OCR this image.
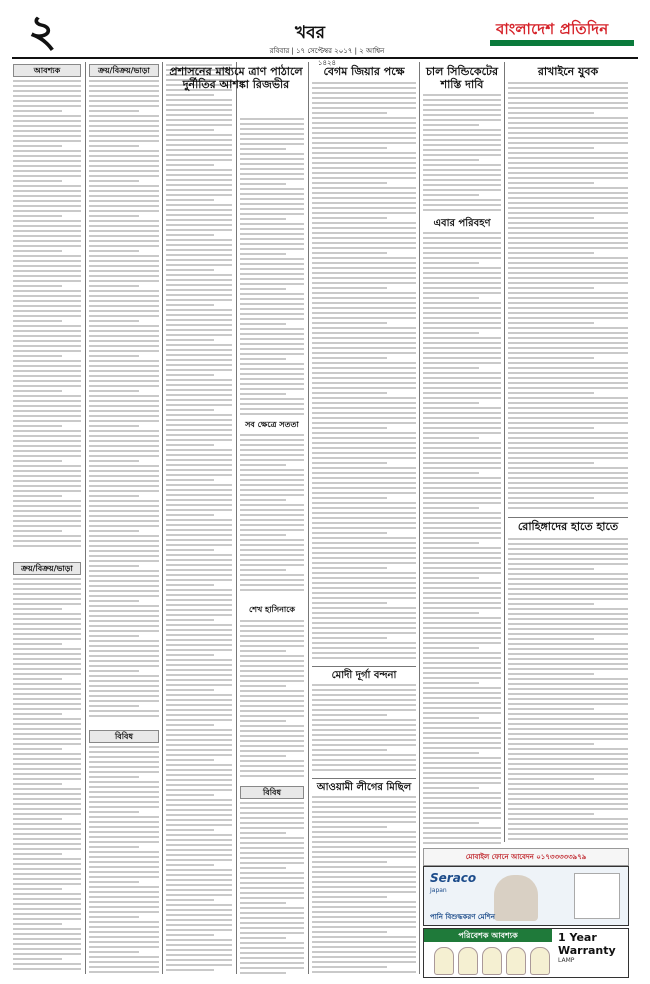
২	খবর
রবিবার | ১৭ সেপ্টেম্বর ২০১৭ | ২ আশ্বিন ১৪২৪
বাংলাদেশ প্রতিদিন
আবশ্যক
ক্রয়/বিক্রয়/ভাড়া
ক্রয়/বিক্রয়/ভাড়া
বিবিধ
প্রশাসনের মাধ্যমে ত্রাণ পাঠালে দুর্নীতির আশঙ্কা রিজভীর
সব ক্ষেত্রে সততা
শেখ হাসিনাকে
বিবিধ
বেগম জিয়ার পক্ষে
মোদী দূর্গা বন্দনা
আওয়ামী লীগের মিছিল
চাল সিন্ডিকেটের শাস্তি দাবি
এবার পরিবহণ
রাখাইনে যুবক
রোহিঙ্গাদের হাতে হাতে
মোবাইল ফোনে আবেদন ০১৭৩৩৩৩৩৯৭৯
Seraco
Japan
পানি বিশুদ্ধকরণ মেশিন
পরিবেশক আবশ্যক	1 Year Warranty
LAMP
